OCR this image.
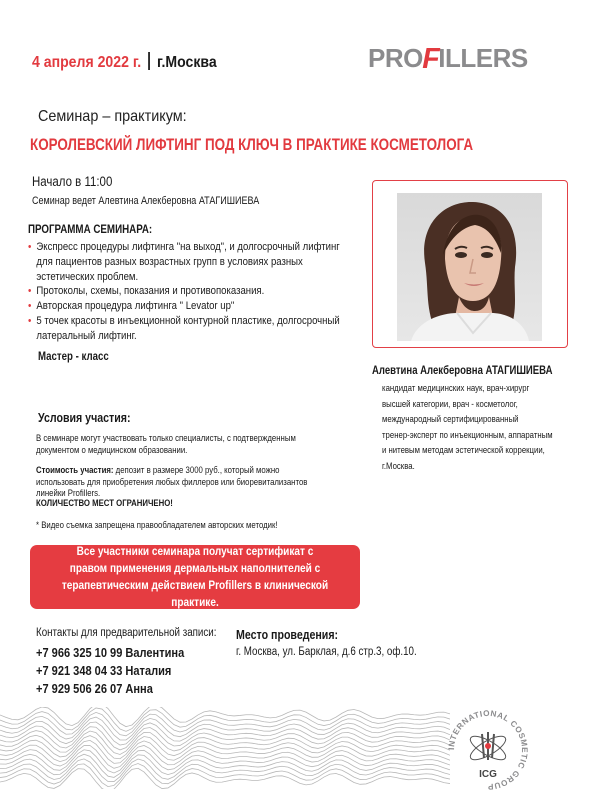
4 апреля 2022 г. г.Москва	PROFILLERS
Семинар – практикум:
КОРОЛЕВСКИЙ ЛИФТИНГ ПОД КЛЮЧ В ПРАКТИКЕ КОСМЕТОЛОГА
Начало в 11:00
Семинар ведет Алевтина Алекберовна АТАГИШИЕВА
ПРОГРАММА СЕМИНАРА:
• Экспресс процедуры лифтинга "на выход", и долгосрочный лифтинг для пациентов разных возрастных групп в условиях разных эстетических проблем.
• Протоколы, схемы, показания и противопоказания.
• Авторская процедура лифтинга " Levator up"
• 5 точек красоты в инъекционной контурной пластике, долгосрочный латеральный лифтинг.
Мастер - класс
Условия участия:
В семинаре могут участвовать только специалисты, с подтвержденным документом о медицинском образовании.
Стоимость участия: депозит в размере 3000 руб., который можно использовать для приобретения любых филлеров или биоревитализантов линейки Profillers.
КОЛИЧЕСТВО МЕСТ ОГРАНИЧЕНО!
* Видео съемка запрещена правообладателем авторских методик!
Все участники семинара получат сертификат с правом применения дермальных наполнителей с терапевтическим действием Profillers в клинической практике.
Контакты для предварительной записи:
+7 966 325 10 99 Валентина
+7 921 348 04 33 Наталия
+7 929 506 26 07 Анна
Место проведения:
г. Москва, ул. Барклая, д.6 стр.3, оф.10.
Алевтина Алекберовна АТАГИШИЕВА
кандидат медицинских наук, врач-хирург
высшей категории, врач - косметолог,
международный сертифицированный
тренер-эксперт по инъекционным, аппаратным
и нитевым методам эстетической коррекции,
г.Москва.
INTERNATIONAL COSMETIC GROUP
ICG
